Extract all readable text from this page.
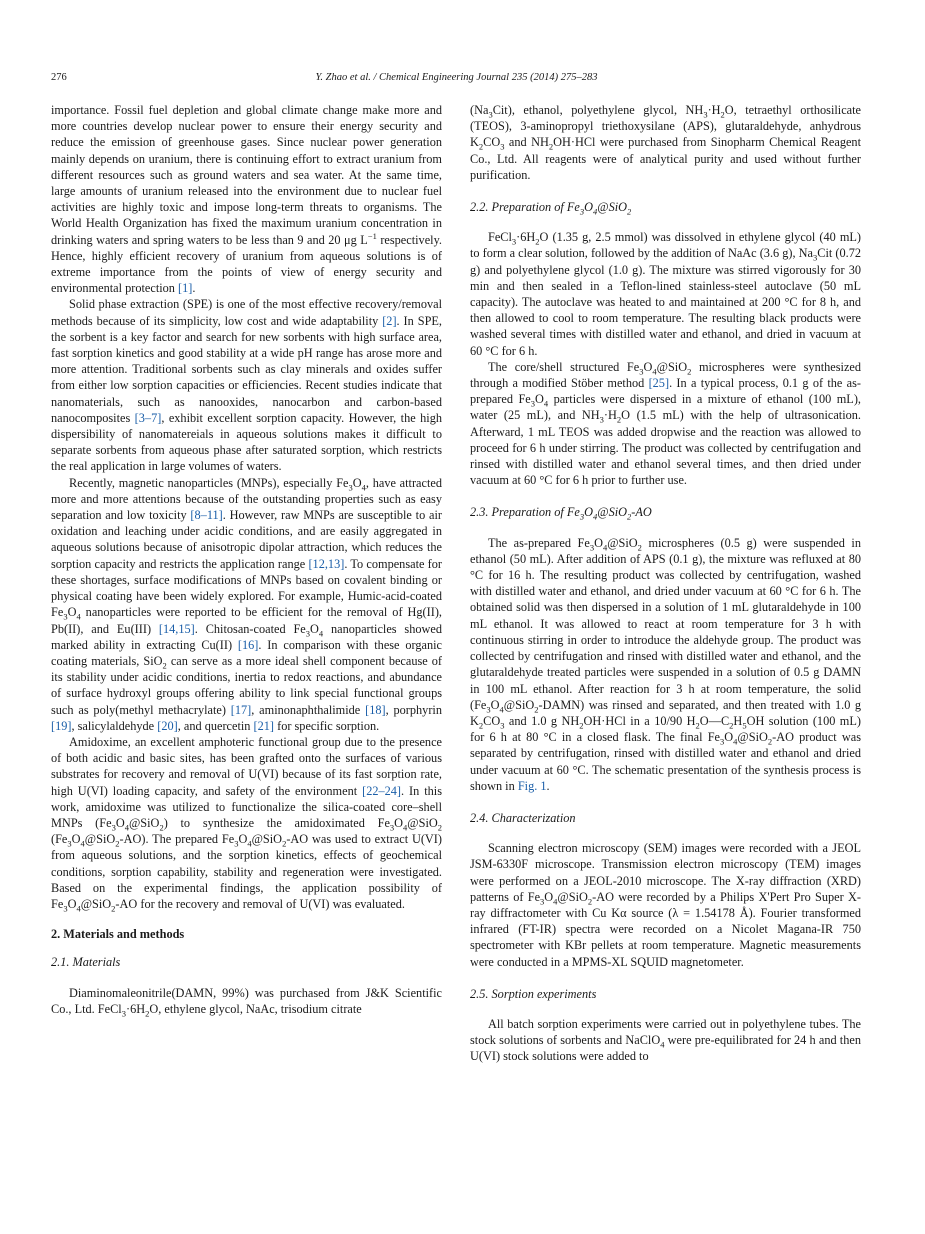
276	Y. Zhao et al. / Chemical Engineering Journal 235 (2014) 275–283

importance. Fossil fuel depletion and global climate change make more and more countries develop nuclear power to ensure their energy security and reduce the emission of greenhouse gases. Since nuclear power generation mainly depends on uranium, there is continuing effort to extract uranium from different resources such as ground waters and sea water. At the same time, large amounts of uranium released into the environment due to nuclear fuel activities are highly toxic and impose long-term threats to organisms. The World Health Organization has fixed the maximum uranium concentration in drinking waters and spring waters to be less than 9 and 20 μg $L^{-1}$ respectively. Hence, highly efficient recovery of uranium from aqueous solutions is of extreme importance from the points of view of energy security and environmental protection [1].

Solid phase extraction (SPE) is one of the most effective recovery/removal methods because of its simplicity, low cost and wide adaptability [2]. In SPE, the sorbent is a key factor and search for new sorbents with high surface area, fast sorption kinetics and good stability at a wide pH range has arose more and more attention. Traditional sorbents such as clay minerals and oxides suffer from either low sorption capacities or efficiencies. Recent studies indicate that nanomaterials, such as nanooxides, nanocarbon and carbon-based nanocomposites [3–7], exhibit excellent sorption capacity. However, the high dispersibility of nanomatereials in aqueous solutions makes it difficult to separate sorbents from aqueous phase after saturated sorption, which restricts the real application in large volumes of waters.

Recently, magnetic nanoparticles (MNPs), especially $Fe_3O_4$, have attracted more and more attentions because of the outstanding properties such as easy separation and low toxicity [8–11]. However, raw MNPs are susceptible to air oxidation and leaching under acidic conditions, and are easily aggregated in aqueous solutions because of anisotropic dipolar attraction, which reduces the sorption capacity and restricts the application range [12,13]. To compensate for these shortages, surface modifications of MNPs based on covalent binding or physical coating have been widely explored. For example, Humic-acid-coated $Fe_3O_4$ nanoparticles were reported to be efficient for the removal of Hg(II), Pb(II), and Eu(III) [14,15]. Chitosan-coated $Fe_3O_4$ nanoparticles showed marked ability in extracting Cu(II) [16]. In comparison with these organic coating materials, SiO$_2$ can serve as a more ideal shell component because of its stability under acidic conditions, inertia to redox reactions, and abundance of surface hydroxyl groups offering ability to link special functional groups such as poly(methyl methacrylate) [17], aminonaphthalimide [18], porphyrin [19], salicylaldehyde [20], and quercetin [21] for specific sorption.

Amidoxime, an excellent amphoteric functional group due to the presence of both acidic and basic sites, has been grafted onto the surfaces of various substrates for recovery and removal of U(VI) because of its fast sorption rate, high U(VI) loading capacity, and safety of the environment [22–24]. In this work, amidoxime was utilized to functionalize the silica-coated core–shell MNPs $(Fe_3O_4@SiO_2)$ to synthesize the amidoximated $Fe_3O_4@SiO_2$ $(Fe_3O_4@SiO_2-AO)$. The prepared $Fe_3O_4@SiO_2-AO$ was used to extract U(VI) from aqueous solutions, and the sorption kinetics, effects of geochemical conditions, sorption capability, stability and regeneration were investigated. Based on the experimental findings, the application possibility of $Fe_3O_4@SiO_2-AO$ for the recovery and removal of U(VI) was evaluated.

2. Materials and methods
2.1. Materials

Diaminomaleonitrile(DAMN, 99%) was purchased from J&K Scientific Co., Ltd. $FeCl_3\cdot 6H_2O$, ethylene glycol, NaAc, trisodium citrate

$(Na_3Cit)$, ethanol, polyethylene glycol, $NH_3\cdot H_2O$, tetraethyl orthosilicate (TEOS), 3-aminopropyl triethoxysilane (APS), glutaraldehyde, anhydrous $K_2CO_3$ and $NH_2OH\cdot HCl$ were purchased from Sinopharm Chemical Reagent Co., Ltd. All reagents were of analytical purity and used without further purification.

2.2. Preparation of $Fe_3O_4@SiO_2$

$FeCl_3\cdot 6H_2O$ (1.35 g, 2.5 mmol) was dissolved in ethylene glycol (40 mL) to form a clear solution, followed by the addition of NaAc (3.6 g), $Na_3Cit$ (0.72 g) and polyethylene glycol (1.0 g). The mixture was stirred vigorously for 30 min and then sealed in a Teflon-lined stainless-steel autoclave (50 mL capacity). The autoclave was heated to and maintained at 200 °C for 8 h, and then allowed to cool to room temperature. The resulting black products were washed several times with distilled water and ethanol, and dried in vacuum at 60 °C for 6 h.

The core/shell structured $Fe_3O_4@SiO_2$ microspheres were synthesized through a modified Stöber method [25]. In a typical process, 0.1 g of the as-prepared $Fe_3O_4$ particles were dispersed in a mixture of ethanol (100 mL), water (25 mL), and $NH_3\cdot H_2O$ (1.5 mL) with the help of ultrasonication. Afterward, 1 mL TEOS was added dropwise and the reaction was allowed to proceed for 6 h under stirring. The product was collected by centrifugation and rinsed with distilled water and ethanol several times, and then dried under vacuum at 60 °C for 6 h prior to further use.

2.3. Preparation of $Fe_3O_4@SiO_2-AO$

The as-prepared $Fe_3O_4@SiO_2$ microspheres (0.5 g) were suspended in ethanol (50 mL). After addition of APS (0.1 g), the mixture was refluxed at 80 °C for 16 h. The resulting product was collected by centrifugation, washed with distilled water and ethanol, and dried under vacuum at 60 °C for 6 h. The obtained solid was then dispersed in a solution of 1 mL glutaraldehyde in 100 mL ethanol. It was allowed to react at room temperature for 3 h with continuous stirring in order to introduce the aldehyde group. The product was collected by centrifugation and rinsed with distilled water and ethanol, and the glutaraldehyde treated particles were suspended in a solution of 0.5 g DAMN in 100 mL ethanol. After reaction for 3 h at room temperature, the solid $(Fe_3O_4@SiO_2-DAMN)$ was rinsed and separated, and then treated with 1.0 g $K_2CO_3$ and 1.0 g $NH_2OH\cdot HCl$ in a 10/90 $H_2O—C_2H_5OH$ solution (100 mL) for 6 h at 80 °C in a closed flask. The final $Fe_3O_4@SiO_2-AO$ product was separated by centrifugation, rinsed with distilled water and ethanol and dried under vacuum at 60 °C. The schematic presentation of the synthesis process is shown in Fig. 1.

2.4. Characterization

Scanning electron microscopy (SEM) images were recorded with a JEOL JSM-6330F microscope. Transmission electron microscopy (TEM) images were performed on a JEOL-2010 microscope. The X-ray diffraction (XRD) patterns of $Fe_3O_4@SiO_2-AO$ were recorded by a Philips X'Pert Pro Super X-ray diffractometer with Cu Kα source (λ = 1.54178 Å). Fourier transformed infrared (FT-IR) spectra were recorded on a Nicolet Magana-IR 750 spectrometer with KBr pellets at room temperature. Magnetic measurements were conducted in a MPMS-XL SQUID magnetometer.

2.5. Sorption experiments

All batch sorption experiments were carried out in polyethylene tubes. The stock solutions of sorbents and NaClO$_4$ were pre-equilibrated for 24 h and then U(VI) stock solutions were added to
